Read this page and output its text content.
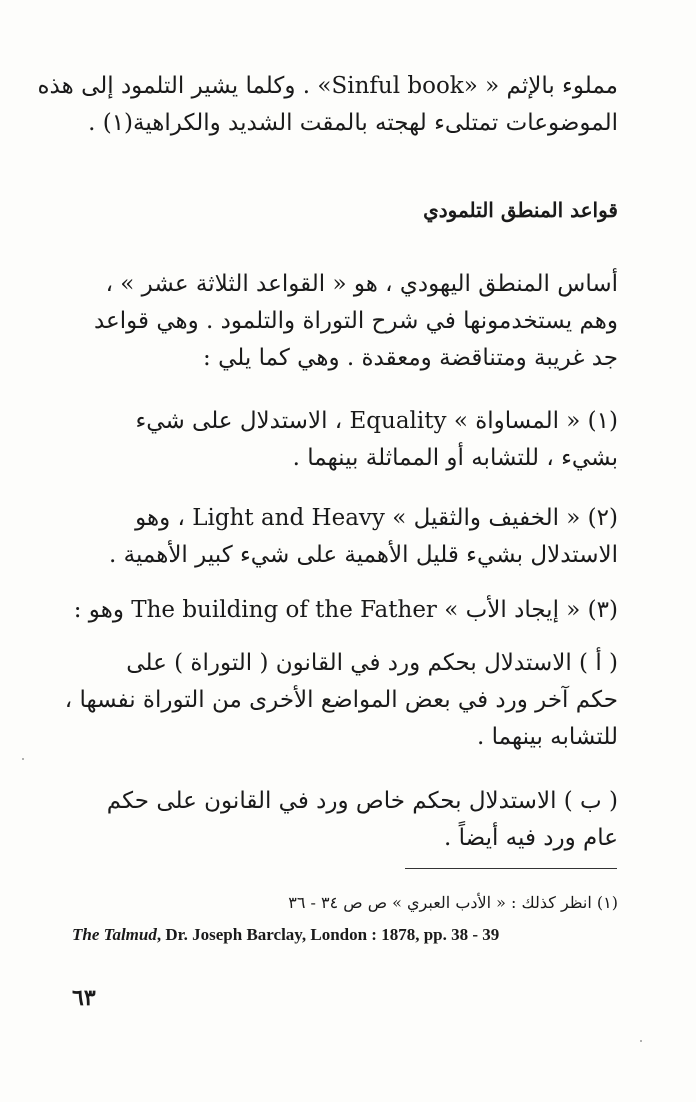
مملوء بالإثم « «Sinful book» . وكلما يشير التلمود إلى هذه
الموضوعات تمتلىء لهجته بالمقت الشديد والكراهية(١) .
قواعد المنطق التلمودي
أساس المنطق اليهودي ، هو « القواعد الثلاثة عشر » ،
وهم يستخدمونها في شرح التوراة والتلمود . وهي قواعد
جد غريبة ومتناقضة ومعقدة . وهي كما يلي :
(١) « المساواة » Equality ، الاستدلال على شيء
بشيء ، للتشابه أو المماثلة بينهما .
(٢) « الخفيف والثقيل » Light and Heavy ، وهو
الاستدلال بشيء قليل الأهمية على شيء كبير الأهمية .
(٣) « إيجاد الأب » The building of the Father وهو :
( أ ) الاستدلال بحكم ورد في القانون ( التوراة ) على
حكم آخر ورد في بعض المواضع الأخرى من التوراة نفسها ،
للتشابه بينهما .
( ب ) الاستدلال بحكم خاص ورد في القانون على حكم
عام ورد فيه أيضاً .
(١) انظر كذلك : « الأدب العبري » ص ص ٣٤ - ٣٦
The Talmud, Dr. Joseph Barclay, London : 1878, pp. 38 - 39
٦٣
